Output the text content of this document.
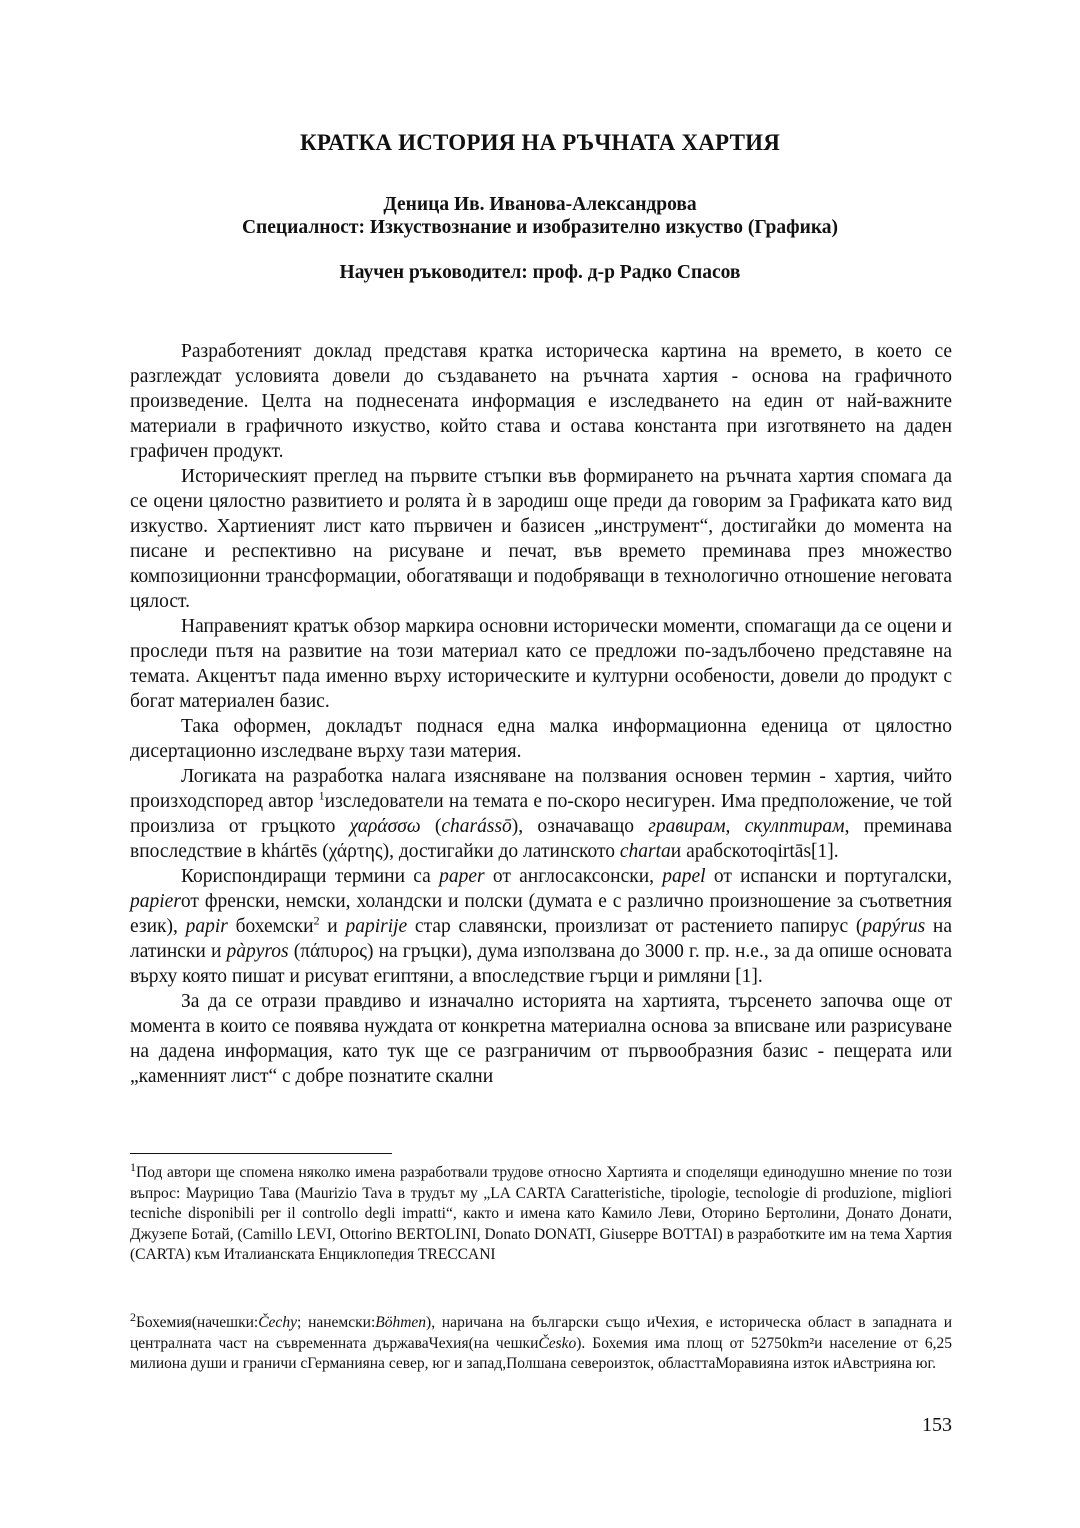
КРАТКА ИСТОРИЯ НА РЪЧНАТА ХАРТИЯ
Деница Ив. Иванова-Александрова
Специалност: Изкуствознание и изобразително изкуство (Графика)
Научен ръководител: проф. д-р Радко Спасов

Разработеният доклад представя кратка историческа картина на времето, в което се разглеждат условията довели до създаването на ръчната хартия - основа на графичното произведение. Целта на поднесената информация е изследването на един от най-важните материали в графичното изкуство, който става и остава константа при изготвянето на даден графичен продукт.

Историческият преглед на първите стъпки във формирането на ръчната хартия спомага да се оцени цялостно развитието и ролята ѝ в зародиш още преди да говорим за Графиката като вид изкуство. Хартиеният лист като първичен и базисен „инструмент“, достигайки до момента на писане и респективно на рисуване и печат, във времето преминава през множество композиционни трансформации, обогатяващи и подобряващи в технологично отношение неговата цялост.

Направеният кратък обзор маркира основни исторически моменти, спомагащи да се оцени и проследи пътя на развитие на този материал като се предложи по-задълбочено представяне на темата. Акцентът пада именно върху историческите и културни особености, довели до продукт с богат материален базис.

Така оформен, докладът поднася една малка информационна еденица от цялостно дисертационно изследване върху тази материя.

Логиката на разработка налага изясняване на ползвания основен термин - хартия, чийто произходспоред автор $^1$изследователи на темата е по-скоро несигурен. Има предположение, че той произлиза от гръцкото χαράσσω (charássō), означаващо гравирам, скулптирам, преминава впоследствие в khártēs (χάρτης), достигайки до латинското chartaи арабскотоqirtās[1].

Кориспондиращи термини са paper от англосаксонски, papel от испански и португалски, papierот френски, немски, холандски и полски (думата е с различно произношение за съответния език), papir бохемски$^2$ и papirije стар славянски, произлизат от растението папирус (papýrus на латински и pàpyros (πάπυρος) на гръцки), дума използвана до 3000 г. пр. н.е., за да опише основата върху която пишат и рисуват египтяни, а впоследствие гърци и римляни [1].

За да се отрази правдиво и изначално историята на хартията, търсенето започва още от момента в които се появява нуждата от конкретна материална основа за вписване или разрисуване на дадена информация, като тук ще се разграничим от първообразния базис - пещерата или „каменният лист“ с добре познатите скални

$^1$Под автори ще спомена няколко имена разработвали трудове относно Хартията и споделящи единодушно мнение по този въпрос: Маурицио Тава (Maurizio Tava в трудът му „LA CARTA Caratteristiche, tipologie, tecnologie di produzione, migliori tecniche disponibili per il controllo degli impatti“, както и имена като Камило Леви, Оторино Бертолини, Донато Донати, Джузепе Ботай, (Camillo LEVI, Ottorino BERTOLINI, Donato DONATI, Giuseppe BOTTAI) в разработките им на тема Хартия (CARTA) към Италианската Енциклопедия TRECCANI

$^2$Бохемия(начешки:Čechy; нанемски:Böhmen), наричана на български също иЧехия, е историческа област в западната и централната част на съвременната държаваЧехия(на чешкиČesko). Бохемия има площ от 52750km²и население от 6,25 милиона души и граничи сГерманияна север, юг и запад,Полшана североизток, областтаМоравияна изток иАвстрияна юг.

153
